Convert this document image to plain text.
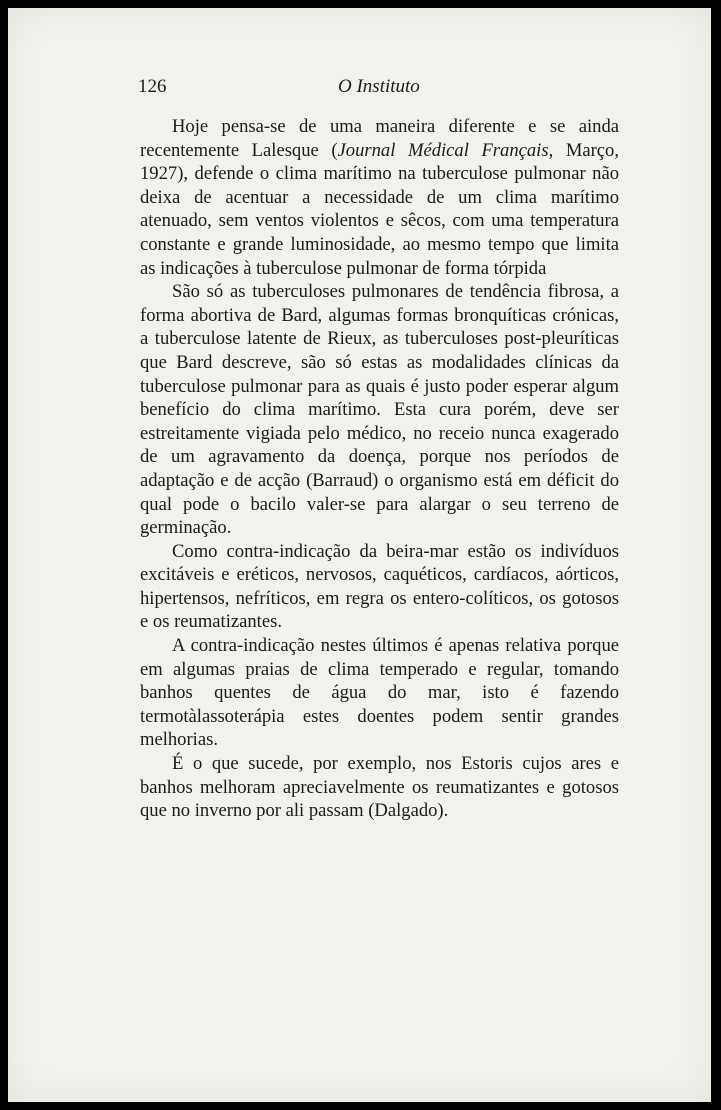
126	O Instituto

Hoje pensa-se de uma maneira diferente e se ainda recentemente Lalesque (Journal Médical Français, Março, 1927), defende o clima marítimo na tuberculose pulmonar não deixa de acentuar a necessidade de um clima marítimo atenuado, sem ventos violentos e sêcos, com uma temperatura constante e grande luminosidade, ao mesmo tempo que limita as indicações à tuberculose pulmonar de forma tórpida

São só as tuberculoses pulmonares de tendência fibrosa, a forma abortiva de Bard, algumas formas bronquíticas crónicas, a tuberculose latente de Rieux, as tuberculoses post-pleuríticas que Bard descreve, são só estas as modalidades clínicas da tuberculose pulmonar para as quais é justo poder esperar algum benefício do clima marítimo. Esta cura porém, deve ser estreitamente vigiada pelo médico, no receio nunca exagerado de um agravamento da doença, porque nos períodos de adaptação e de acção (Barraud) o organismo está em déficit do qual pode o bacilo valer-se para alargar o seu terreno de germinação.

Como contra-indicação da beira-mar estão os indivíduos excitáveis e eréticos, nervosos, caquéticos, cardíacos, aórticos, hipertensos, nefríticos, em regra os entero-colíticos, os gotosos e os reumatizantes.

A contra-indicação nestes últimos é apenas relativa porque em algumas praias de clima temperado e regular, tomando banhos quentes de água do mar, isto é fazendo termotàlassoterápia estes doentes podem sentir grandes melhorias.

É o que sucede, por exemplo, nos Estoris cujos ares e banhos melhoram apreciavelmente os reumatizantes e gotosos que no inverno por ali passam (Dalgado).
